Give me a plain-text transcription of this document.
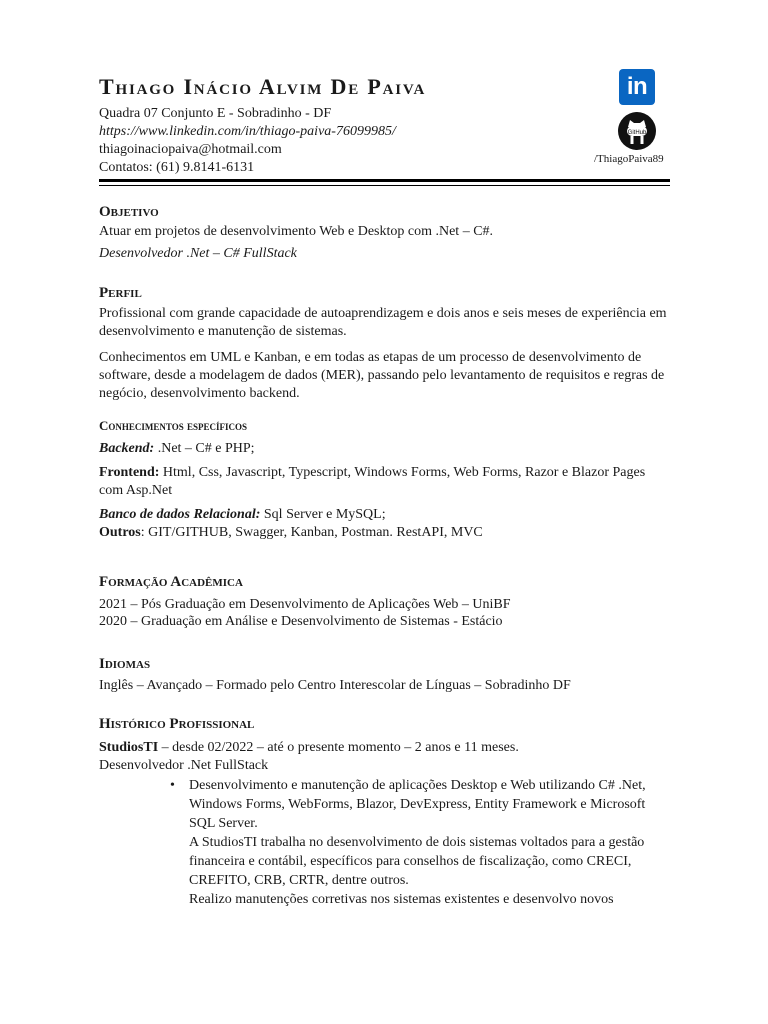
Thiago Inácio Alvim De Paiva
Quadra 07 Conjunto E - Sobradinho - DF
https://www.linkedin.com/in/thiago-paiva-76099985/
thiagoinaciopaiva@hotmail.com
Contatos: (61) 9.8141-6131
in
GitHub
/ThiagoPaiva89
Objetivo
Atuar em projetos de desenvolvimento Web e Desktop com .Net – C#.
Desenvolvedor .Net – C# FullStack
Perfil
Profissional com grande capacidade de autoaprendizagem e dois anos e seis meses de experiência em desenvolvimento e manutenção de sistemas.
Conhecimentos em UML e Kanban, e em todas as etapas de um processo de desenvolvimento de software, desde a modelagem de dados (MER), passando pelo levantamento de requisitos e regras de negócio, desenvolvimento backend.
Conhecimentos específicos
Backend: .Net – C# e PHP;
Frontend: Html, Css, Javascript, Typescript, Windows Forms, Web Forms, Razor e Blazor Pages com Asp.Net
Banco de dados Relacional: Sql Server e MySQL;
Outros: GIT/GITHUB, Swagger, Kanban, Postman. RestAPI, MVC
Formação Acadêmica
2021 – Pós Graduação em Desenvolvimento de Aplicações Web – UniBF
2020 – Graduação em Análise e Desenvolvimento de Sistemas - Estácio
Idiomas
Inglês – Avançado – Formado pelo Centro Interescolar de Línguas – Sobradinho DF
Histórico Profissional
StudiosTI – desde 02/2022 – até o presente momento – 2 anos e 11 meses.
Desenvolvedor .Net FullStack
• Desenvolvimento e manutenção de aplicações Desktop e Web utilizando C# .Net, Windows Forms, WebForms, Blazor, DevExpress, Entity Framework e Microsoft SQL Server.
A StudiosTI trabalha no desenvolvimento de dois sistemas voltados para a gestão financeira e contábil, específicos para conselhos de fiscalização, como CRECI, CREFITO, CRB, CRTR, dentre outros.
Realizo manutenções corretivas nos sistemas existentes e desenvolvo novos
